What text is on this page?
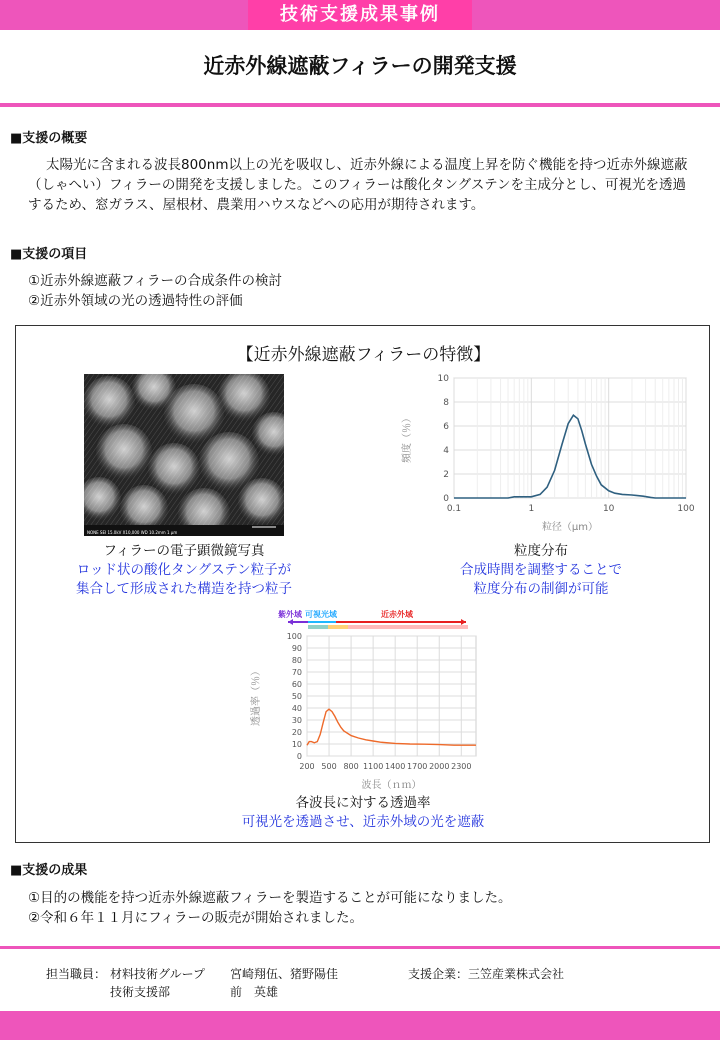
技術支援成果事例
近赤外線遮蔽フィラーの開発支援
■支援の概要
太陽光に含まれる波長800nm以上の光を吸収し、近赤外線による温度上昇を防ぐ機能を持つ近赤外線遮蔽（しゃへい）フィラーの開発を支援しました。このフィラーは酸化タングステンを主成分とし、可視光を透過するため、窓ガラス、屋根材、農業用ハウスなどへの応用が期待されます。
■支援の項目
①近赤外線遮蔽フィラーの合成条件の検討
②近赤外領域の光の透過特性の評価
【近赤外線遮蔽フィラーの特徴】
NONE SEI 15.0kV X10,000 WD 10.2mm 1 μm
フィラーの電子顕微鏡写真
ロッド状の酸化タングステン粒子が
集合して形成された構造を持つ粒子
0
2
4
6
8
10
0.1	1	10	100
粒径（μm）
頻度（％）
粒度分布
合成時間を調整することで
粒度分布の制御が可能
紫外域 可視光域	近赤外域
0
10
20
30
40
50
60
70
80
90
100
200 500 800 1100 1400 1700 2000 2300
波長（ｎｍ）
透過率（％）
各波長に対する透過率
可視光を透過させ、近赤外域の光を遮蔽
■支援の成果
①目的の機能を持つ近赤外線遮蔽フィラーを製造することが可能になりました。
②令和６年１１月にフィラーの販売が開始されました。
担当職員： 材料技術グループ 宮崎翔伍、猪野陽佳
技術支援部	前　英雄
支援企業：三笠産業株式会社
